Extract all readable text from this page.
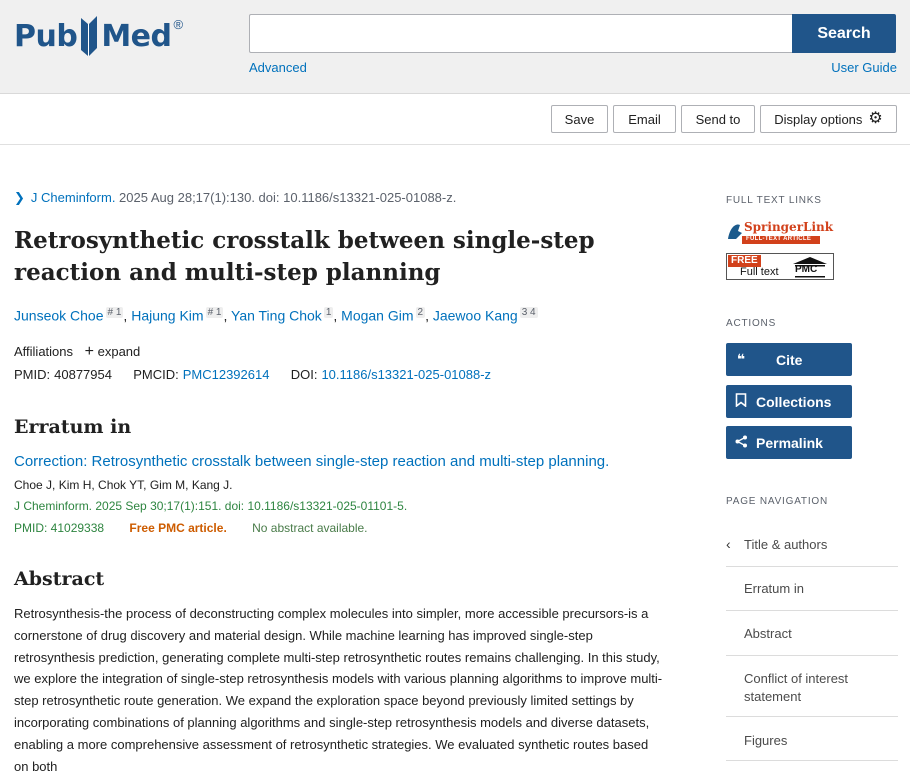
Pub Med ®
Search
Advanced	User Guide
Save	Email	Send to	Display options ⚙
❯ J Cheminform. 2025 Aug 28;17(1):130. doi: 10.1186/s13321-025-01088-z.
Retrosynthetic crosstalk between single-step reaction and multi-step planning
Junseok Choe $^{\# 1}$ , Hajung Kim $^{\# 1}$ , Yan Ting Chok $^1$ , Mogan Gim $^2$ , Jaewoo Kang $^{3 4}$
Affiliations + expand
PMID: 40877954 PMCID: PMC12392614 DOI: 10.1186/s13321-025-01088-z
Erratum in
Correction: Retrosynthetic crosstalk between single-step reaction and multi-step planning.
Choe J, Kim H, Chok YT, Gim M, Kang J.
J Cheminform. 2025 Sep 30;17(1):151. doi: 10.1186/s13321-025-01101-5.
PMID: 41029338 Free PMC article. No abstract available.
Abstract

Retrosynthesis-the process of deconstructing complex molecules into simpler, more accessible precursors-is a cornerstone of drug discovery and material design. While machine learning has improved single-step retrosynthesis prediction, generating complete multi-step retrosynthetic routes remains challenging. In this study, we explore the integration of single-step retrosynthesis models with various planning algorithms to improve multi-step retrosynthetic route generation. We expand the exploration space beyond previously limited settings by incorporating combinations of planning algorithms and single-step retrosynthesis models and diverse datasets, enabling a more comprehensive assessment of retrosynthetic strategies. We evaluated synthetic routes based on both

FULL TEXT LINKS
SpringerLink
FULL-TEXT ARTICLE
FREE
Full text PMC
ACTIONS
❝	Cite
Collections
Permalink
PAGE NAVIGATION
‹ Title & authors
Erratum in
Abstract
Conflict of interest statement
Figures
